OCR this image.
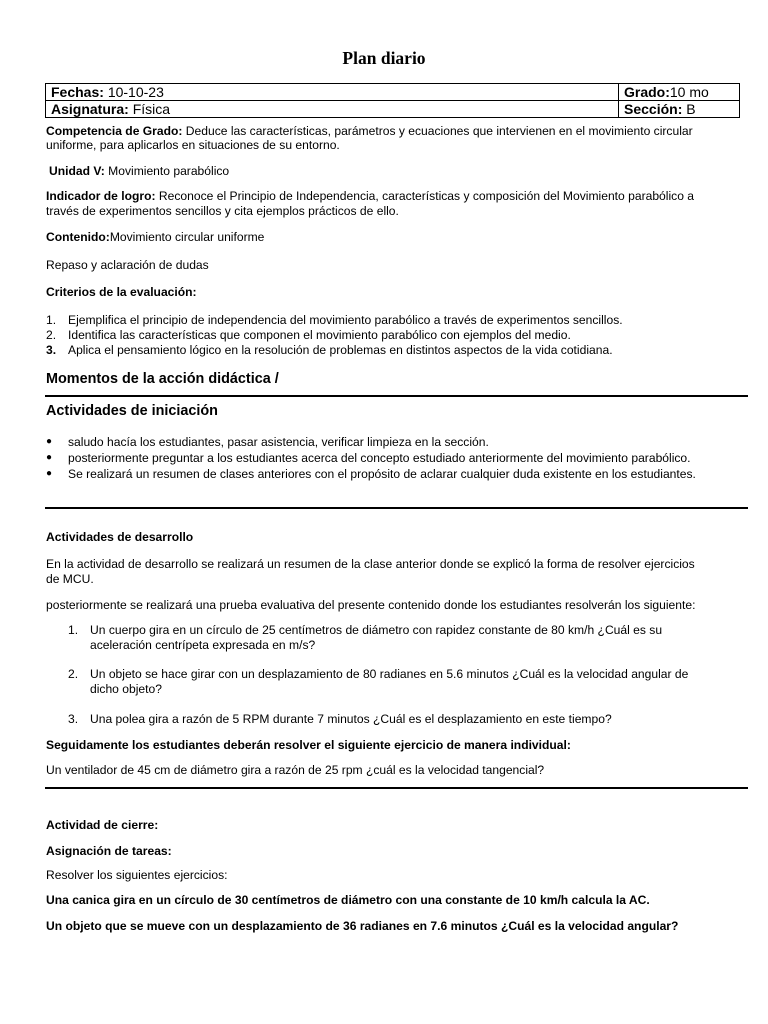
Plan diario
Fechas: 10-10-23	Grado:10 mo
Asignatura: Física	Sección: B
Competencia de Grado: Deduce las características, parámetros y ecuaciones que intervienen en el movimiento circular
uniforme, para aplicarlos en situaciones de su entorno.
Unidad V: Movimiento parabólico
Indicador de logro: Reconoce el Principio de Independencia, características y composición del Movimiento parabólico a
través de experimentos sencillos y cita ejemplos prácticos de ello.
Contenido:Movimiento circular uniforme
Repaso y aclaración de dudas
Criterios de la evaluación:
1. Ejemplifica el principio de independencia del movimiento parabólico a través de experimentos sencillos.
2. Identifica las características que componen el movimiento parabólico con ejemplos del medio.
3. Aplica el pensamiento lógico en la resolución de problemas en distintos aspectos de la vida cotidiana.
Momentos de la acción didáctica /
Actividades de iniciación
●	saludo hacía los estudiantes, pasar asistencia, verificar limpieza en la sección.
●	posteriormente preguntar a los estudiantes acerca del concepto estudiado anteriormente del movimiento parabólico.
●	Se realizará un resumen de clases anteriores con el propósito de aclarar cualquier duda existente en los estudiantes.
Actividades de desarrollo
En la actividad de desarrollo se realizará un resumen de la clase anterior donde se explicó la forma de resolver ejercicios
de MCU.
posteriormente se realizará una prueba evaluativa del presente contenido donde los estudiantes resolverán los siguiente:
1. Un cuerpo gira en un círculo de 25 centímetros de diámetro con rapidez constante de 80 km/h ¿Cuál es su
aceleración centrípeta expresada en m/s?
2. Un objeto se hace girar con un desplazamiento de 80 radianes en 5.6 minutos ¿Cuál es la velocidad angular de
dicho objeto?
3. Una polea gira a razón de 5 RPM durante 7 minutos ¿Cuál es el desplazamiento en este tiempo?
Seguidamente los estudiantes deberán resolver el siguiente ejercicio de manera individual:
Un ventilador de 45 cm de diámetro gira a razón de 25 rpm ¿cuál es la velocidad tangencial?
Actividad de cierre:
Asignación de tareas:
Resolver los siguientes ejercicios:
Una canica gira en un círculo de 30 centímetros de diámetro con una constante de 10 km/h calcula la AC.
Un objeto que se mueve con un desplazamiento de 36 radianes en 7.6 minutos ¿Cuál es la velocidad angular?
